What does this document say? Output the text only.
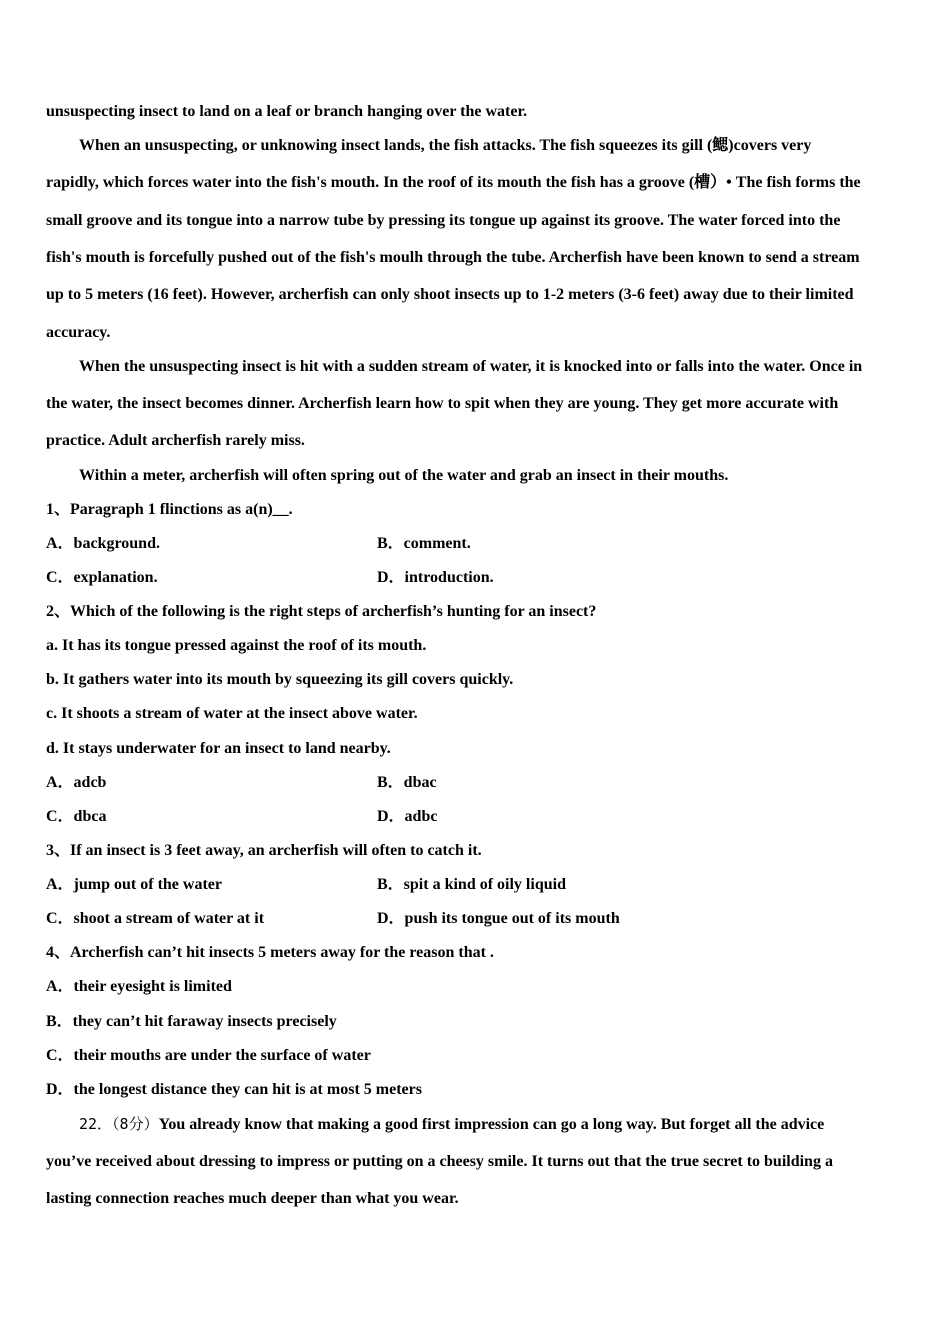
unsuspecting insect to land on a leaf or branch hanging over the water.
When an unsuspecting, or unknowing insect lands, the fish attacks. The fish squeezes its gill (鳃)covers very
rapidly, which forces water into the fish's mouth. In the roof of its mouth the fish has a groove (槽）• The fish forms the
small groove and its tongue into a narrow tube by pressing its tongue up against its groove. The water forced into the
fish's mouth is forcefully pushed out of the fish's moulh through the tube. Archerfish have been known to send a stream
up to 5 meters (16 feet). However, archerfish can only shoot insects up to 1-2 meters (3-6 feet) away due to their limited
accuracy.
When the unsuspecting insect is hit with a sudden stream of water, it is knocked into or falls into the water. Once in
the water, the insect becomes dinner. Archerfish learn how to spit when they are young. They get more accurate with
practice. Adult archerfish rarely miss.
Within a meter, archerfish will often spring out of the water and grab an insect in their mouths.
1、Paragraph 1 flinctions as a(n)__.
A．background.	B．comment.
C．explanation.	D．introduction.
2、Which of the following is the right steps of archerfish’s hunting for an insect?
a. It has its tongue pressed against the roof of its mouth.
b. It gathers water into its mouth by squeezing its gill covers quickly.
c. It shoots a stream of water at the insect above water.
d. It stays underwater for an insect to land nearby.
A．adcb	B．dbac
C．dbca	D．adbc
3、If an insect is 3 feet away, an archerfish will often to catch it.
A．jump out of the water	B．spit a kind of oily liquid
C．shoot a stream of water at it	D．push its tongue out of its mouth
4、Archerfish can’t hit insects 5 meters away for the reason that .
A．their eyesight is limited
B．they can’t hit faraway insects precisely
C．their mouths are under the surface of water
D．the longest distance they can hit is at most 5 meters
22．（8分）You already know that making a good first impression can go a long way. But forget all the advice
you’ve received about dressing to impress or putting on a cheesy smile. It turns out that the true secret to building a
lasting connection reaches much deeper than what you wear.
